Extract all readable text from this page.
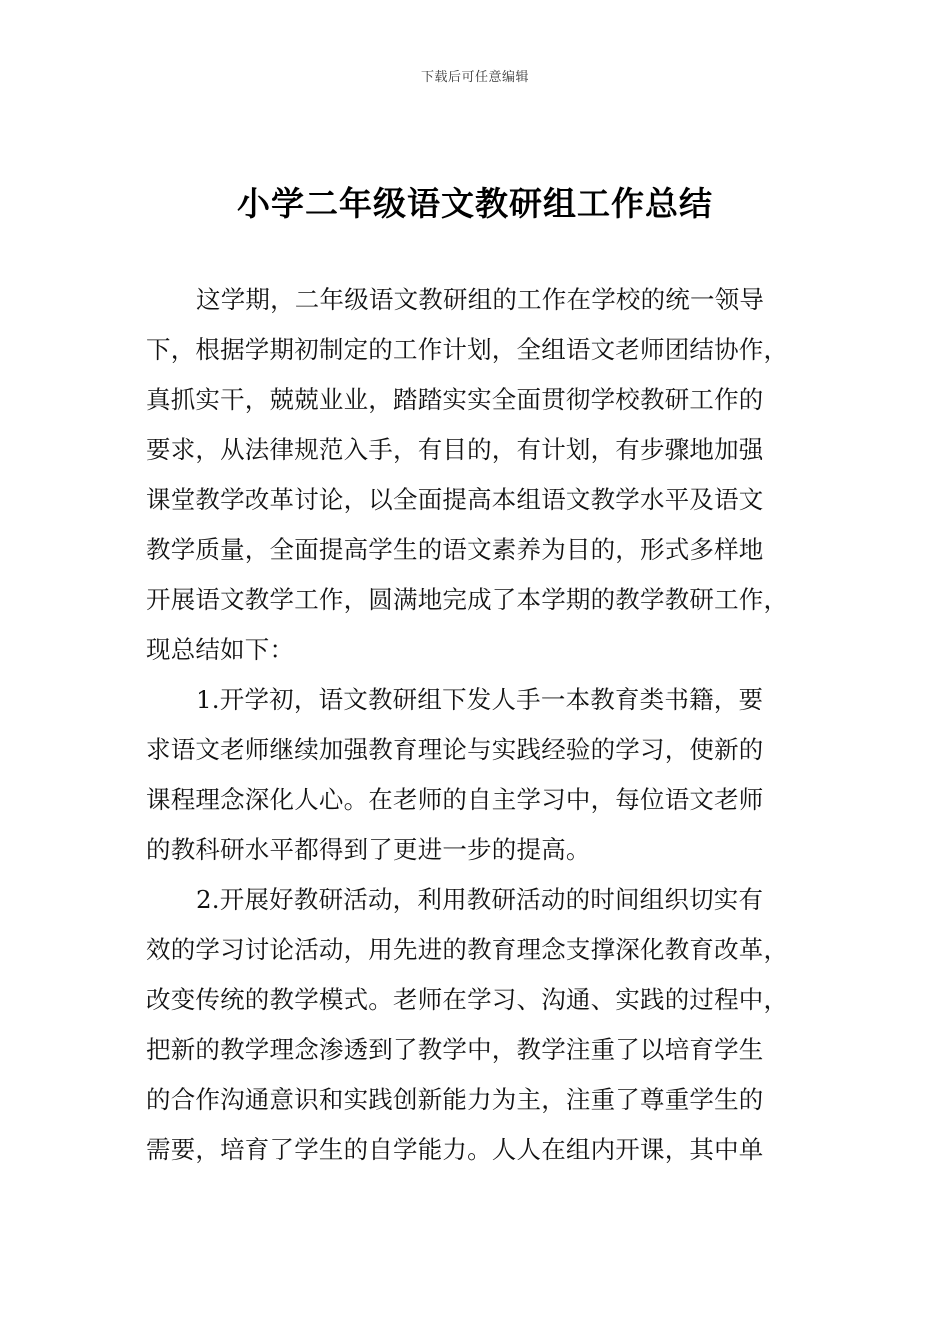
下载后可任意编辑
小学二年级语文教研组工作总结
这学期，二年级语文教研组的工作在学校的统一领导
下，根据学期初制定的工作计划，全组语文老师团结协作，
真抓实干，兢兢业业，踏踏实实全面贯彻学校教研工作的
要求，从法律规范入手，有目的，有计划，有步骤地加强
课堂教学改革讨论，以全面提高本组语文教学水平及语文
教学质量，全面提高学生的语文素养为目的，形式多样地
开展语文教学工作，圆满地完成了本学期的教学教研工作，
现总结如下：
1.开学初，语文教研组下发人手一本教育类书籍，要
求语文老师继续加强教育理论与实践经验的学习，使新的
课程理念深化人心。在老师的自主学习中，每位语文老师
的教科研水平都得到了更进一步的提高。
2.开展好教研活动，利用教研活动的时间组织切实有
效的学习讨论活动，用先进的教育理念支撑深化教育改革，
改变传统的教学模式。老师在学习、沟通、实践的过程中，
把新的教学理念渗透到了教学中，教学注重了以培育学生
的合作沟通意识和实践创新能力为主，注重了尊重学生的
需要，培育了学生的自学能力。人人在组内开课，其中单
